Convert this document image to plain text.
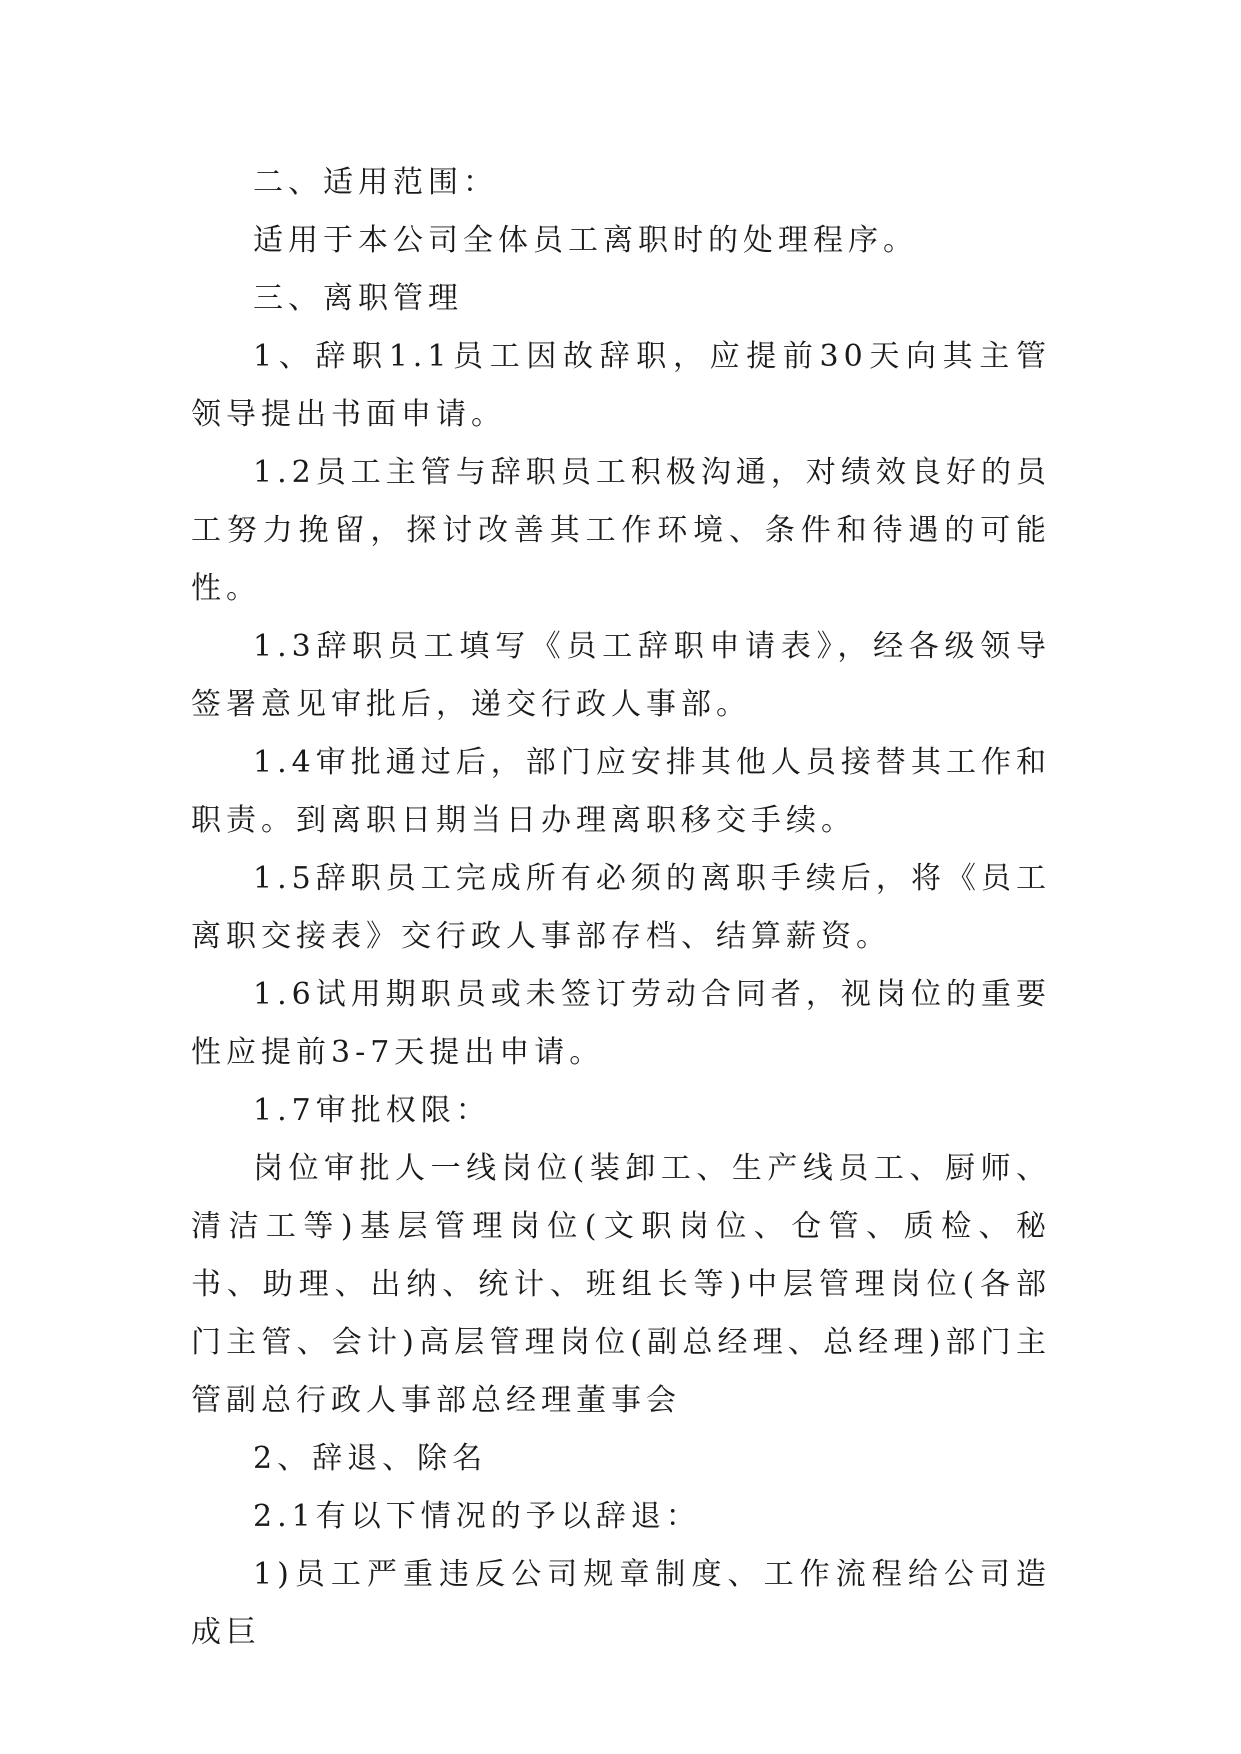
二、适用范围：

适用于本公司全体员工离职时的处理程序。

三、离职管理

1、辞职1.1员工因故辞职，应提前30天向其主管领导提出书面申请。

1.2员工主管与辞职员工积极沟通，对绩效良好的员工努力挽留，探讨改善其工作环境、条件和待遇的可能性。

1.3辞职员工填写《员工辞职申请表》，经各级领导签署意见审批后，递交行政人事部。

1.4审批通过后，部门应安排其他人员接替其工作和职责。到离职日期当日办理离职移交手续。

1.5辞职员工完成所有必须的离职手续后，将《员工离职交接表》交行政人事部存档、结算薪资。

1.6试用期职员或未签订劳动合同者，视岗位的重要性应提前3-7天提出申请。

1.7审批权限：

岗位审批人一线岗位(装卸工、生产线员工、厨师、清洁工等)基层管理岗位(文职岗位、仓管、质检、秘书、助理、出纳、统计、班组长等)中层管理岗位(各部门主管、会计)高层管理岗位(副总经理、总经理)部门主管副总行政人事部总经理董事会

2、辞退、除名

2.1有以下情况的予以辞退：

1)员工严重违反公司规章制度、工作流程给公司造成巨
